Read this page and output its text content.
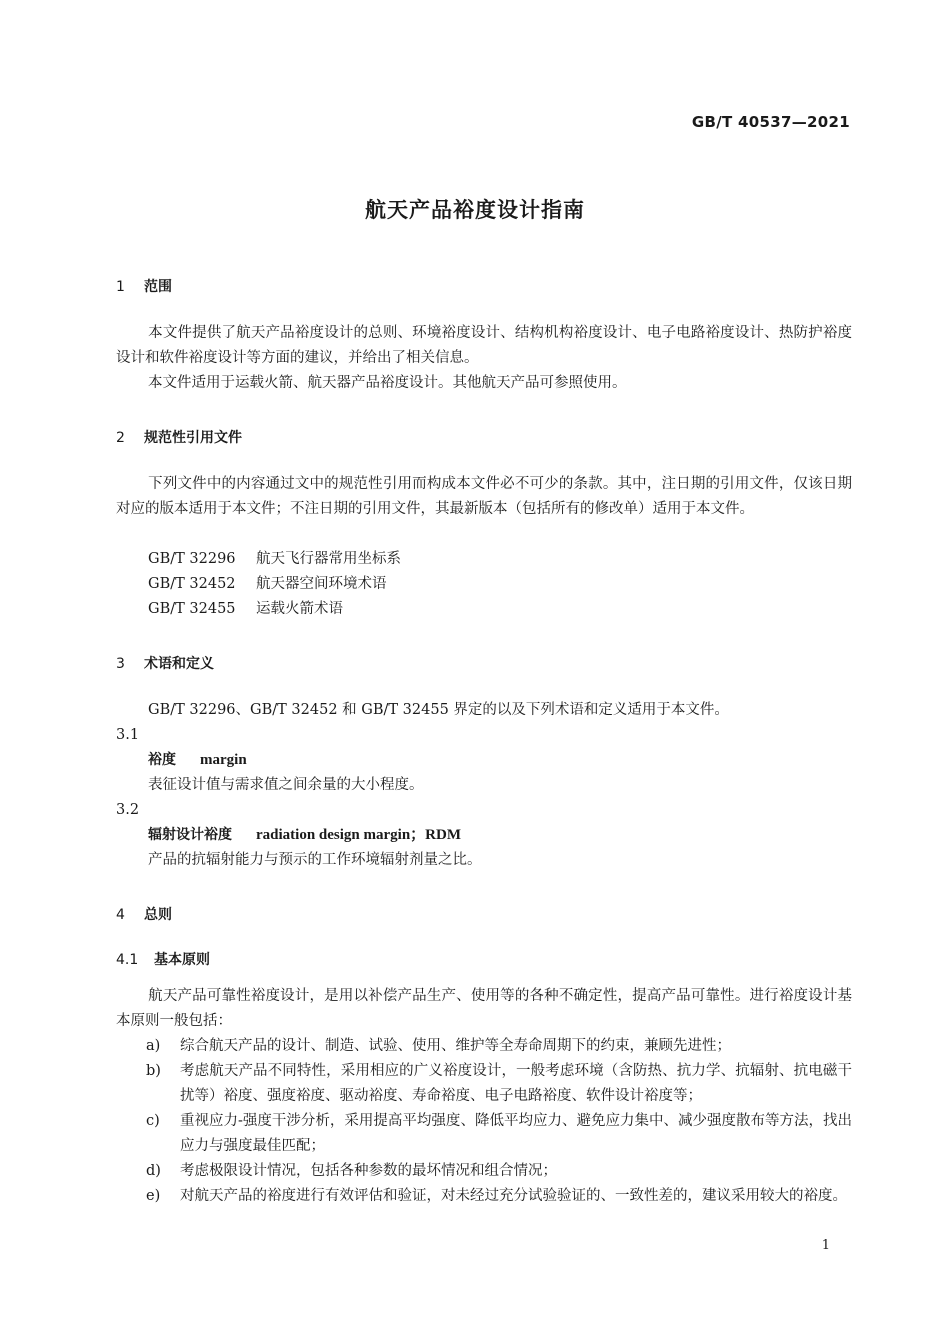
GB/T 40537—2021
航天产品裕度设计指南
1 范围
本文件提供了航天产品裕度设计的总则、环境裕度设计、结构机构裕度设计、电子电路裕度设计、热防护裕度设计和软件裕度设计等方面的建议，并给出了相关信息。
本文件适用于运载火箭、航天器产品裕度设计。其他航天产品可参照使用。
2 规范性引用文件
下列文件中的内容通过文中的规范性引用而构成本文件必不可少的条款。其中，注日期的引用文件，仅该日期对应的版本适用于本文件；不注日期的引用文件，其最新版本（包括所有的修改单）适用于本文件。
GB/T 32296 航天飞行器常用坐标系
GB/T 32452 航天器空间环境术语
GB/T 32455 运载火箭术语
3 术语和定义
GB/T 32296、GB/T 32452 和 GB/T 32455 界定的以及下列术语和定义适用于本文件。
3.1
裕度 margin
表征设计值与需求值之间余量的大小程度。
3.2
辐射设计裕度 radiation design margin；RDM
产品的抗辐射能力与预示的工作环境辐射剂量之比。
4 总则
4.1 基本原则
航天产品可靠性裕度设计，是用以补偿产品生产、使用等的各种不确定性，提高产品可靠性。进行裕度设计基本原则一般包括：
a) 综合航天产品的设计、制造、试验、使用、维护等全寿命周期下的约束，兼顾先进性；
b) 考虑航天产品不同特性，采用相应的广义裕度设计，一般考虑环境（含防热、抗力学、抗辐射、抗电磁干扰等）裕度、强度裕度、驱动裕度、寿命裕度、电子电路裕度、软件设计裕度等；
c) 重视应力-强度干涉分析，采用提高平均强度、降低平均应力、避免应力集中、减少强度散布等方法，找出应力与强度最佳匹配；
d) 考虑极限设计情况，包括各种参数的最坏情况和组合情况；
e) 对航天产品的裕度进行有效评估和验证，对未经过充分试验验证的、一致性差的，建议采用较大的裕度。
1
